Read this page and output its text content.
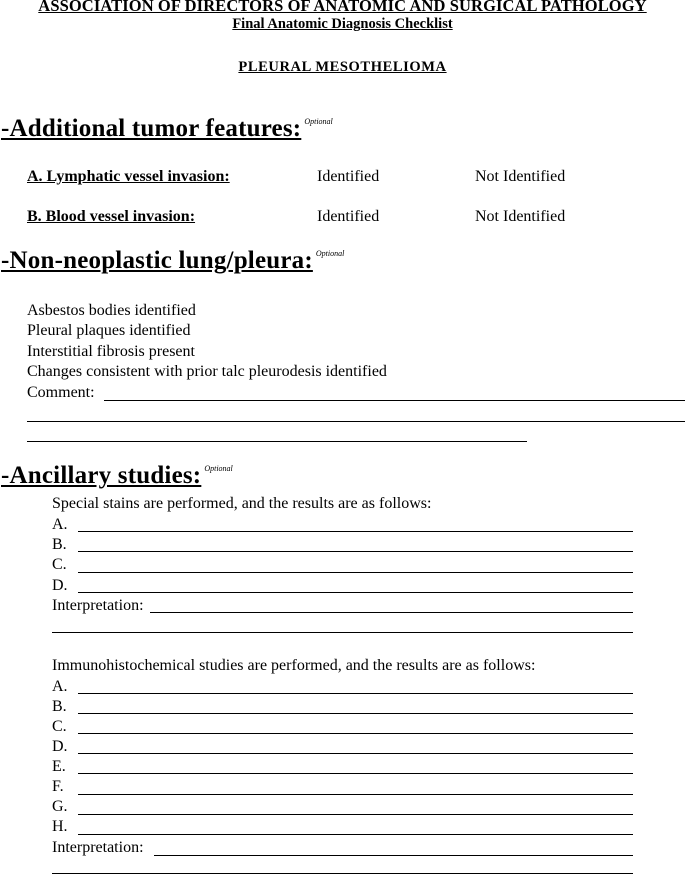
ASSOCIATION OF DIRECTORS OF ANATOMIC AND SURGICAL PATHOLOGY
Final Anatomic Diagnosis Checklist
PLEURAL MESOTHELIOMA
-Additional tumor features: Optional
A. Lymphatic vessel invasion:	Identified	Not Identified
B. Blood vessel invasion:	Identified	Not Identified
-Non-neoplastic lung/pleura: Optional
Asbestos bodies identified
Pleural plaques identified
Interstitial fibrosis present
Changes consistent with prior talc pleurodesis identified
Comment:
-Ancillary studies: Optional
Special stains are performed, and the results are as follows:
A.
B.
C.
D.
Interpretation:
Immunohistochemical studies are performed, and the results are as follows:
A.
B.
C.
D.
E.
F.
G.
H.
Interpretation:
